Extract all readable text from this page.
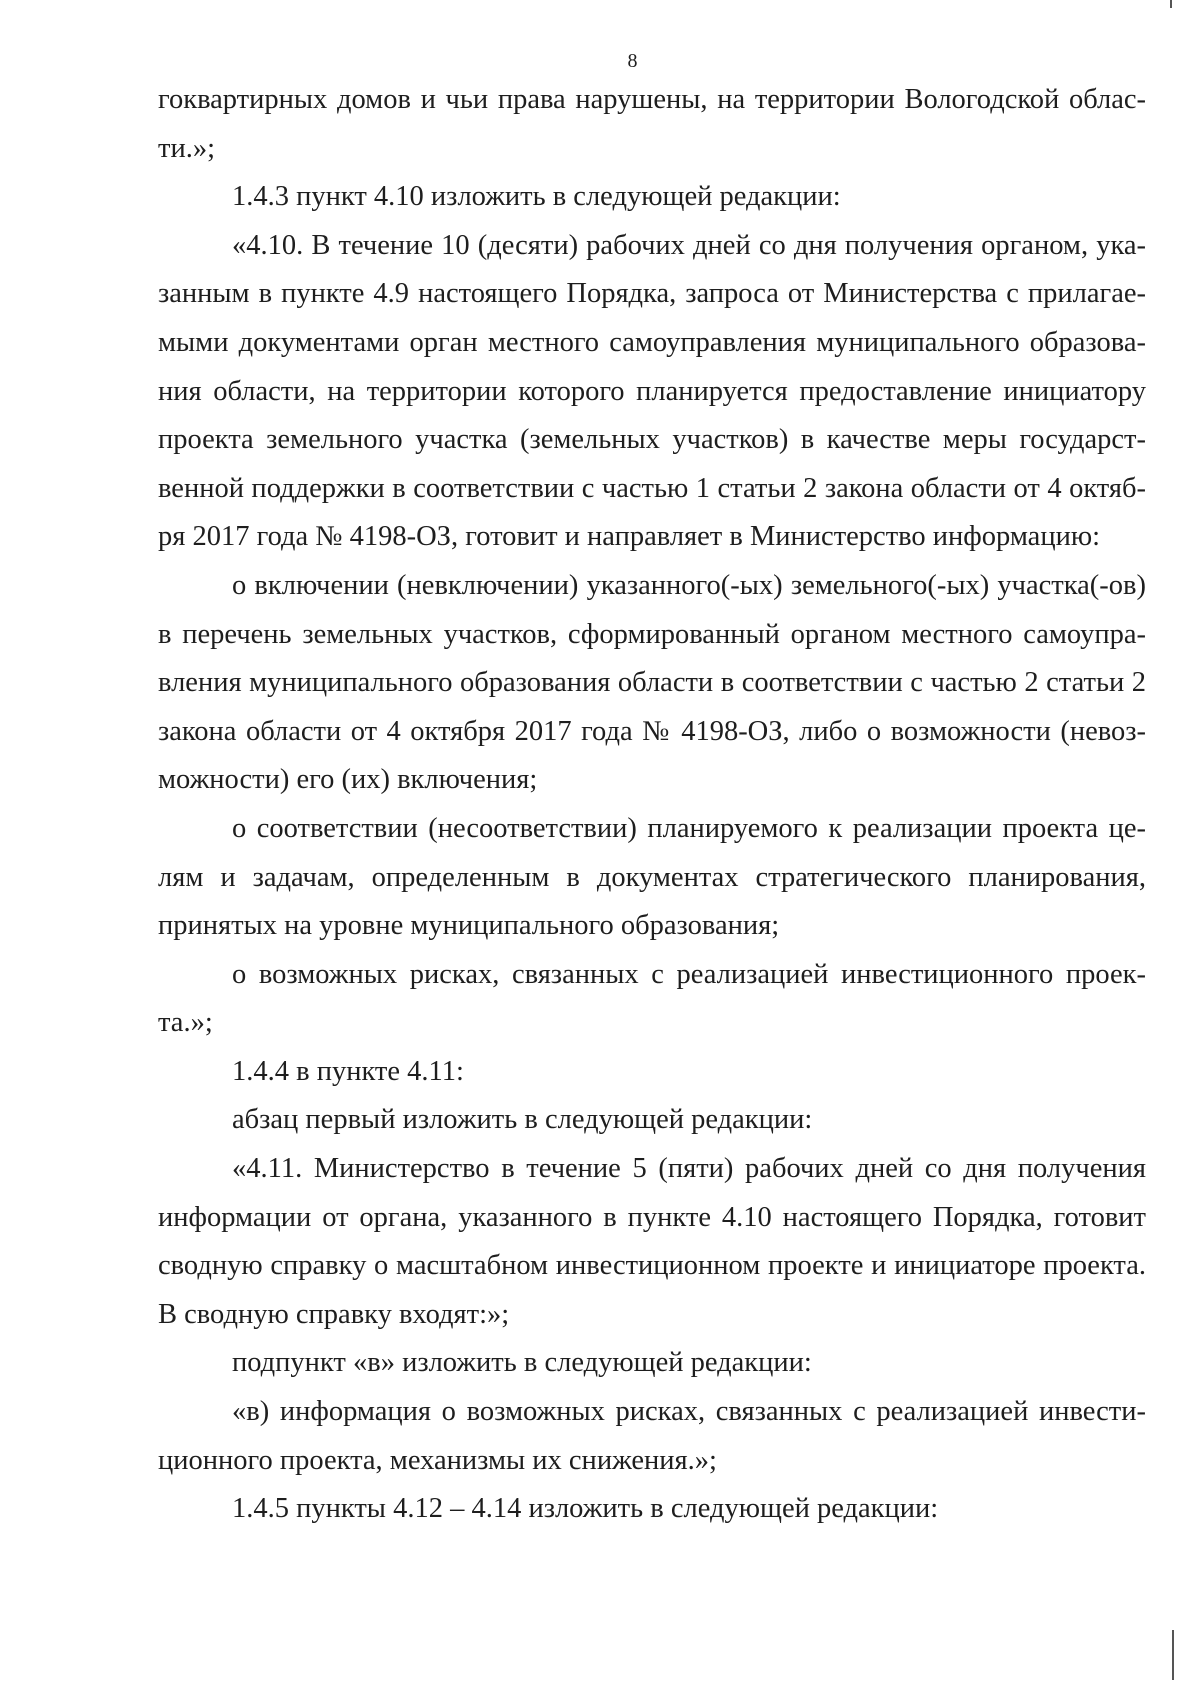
8
гоквартирных домов и чьи права нарушены, на территории Вологодской облас-
ти.»;
1.4.3 пункт 4.10 изложить в следующей редакции:
«4.10. В течение 10 (десяти) рабочих дней со дня получения органом, ука-
занным в пункте 4.9 настоящего Порядка, запроса от Министерства с прилагае-
мыми документами орган местного самоуправления муниципального образова-
ния области, на территории которого планируется предоставление инициатору
проекта земельного участка (земельных участков) в качестве меры государст-
венной поддержки в соответствии с частью 1 статьи 2 закона области от 4 октяб-
ря 2017 года № 4198-ОЗ, готовит и направляет в Министерство информацию:
о включении (невключении) указанного(-ых) земельного(-ых) участка(-ов)
в перечень земельных участков, сформированный органом местного самоупра-
вления муниципального образования области в соответствии с частью 2 статьи 2
закона области от 4 октября 2017 года № 4198-ОЗ, либо о возможности (невоз-
можности) его (их) включения;
о соответствии (несоответствии) планируемого к реализации проекта це-
лям и задачам, определенным в документах стратегического планирования,
принятых на уровне муниципального образования;
о возможных рисках, связанных с реализацией инвестиционного проек-
та.»;
1.4.4 в пункте 4.11:
абзац первый изложить в следующей редакции:
«4.11. Министерство в течение 5 (пяти) рабочих дней со дня получения
информации от органа, указанного в пункте 4.10 настоящего Порядка, готовит
сводную справку о масштабном инвестиционном проекте и инициаторе проекта.
В сводную справку входят:»;
подпункт «в» изложить в следующей редакции:
«в) информация о возможных рисках, связанных с реализацией инвести-
ционного проекта, механизмы их снижения.»;
1.4.5 пункты 4.12 – 4.14 изложить в следующей редакции:
